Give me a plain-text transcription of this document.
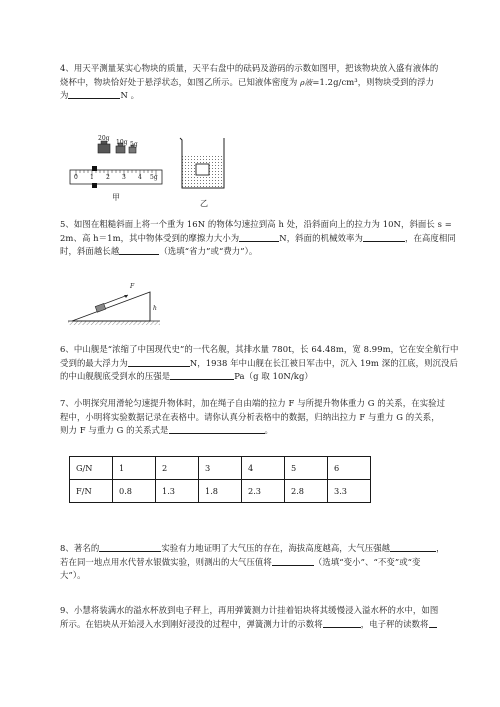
4、用天平测量某实心物块的质量，天平右盘中的砝码及游码的示数如图甲，把该物块放入盛有液体的
烧杯中，物块恰好处于悬浮状态，如图乙所示。已知液体密度为 ρ液=1.2g/cm³，则物块受到的浮力
为	N 。
20g
10g 5g
0 1 2 3 4 5g
甲
乙
5、如图在粗糙斜面上将一个重为 16N 的物体匀速拉到高 h 处，沿斜面向上的拉力为 10N，斜面长 s =
2m、高 h＝1m，其中物体受到的摩擦力大小为	N，斜面的机械效率为	，在高度相同
时，斜面越长越	（选填“省力”或“费力”）。
F
h
6、中山舰是“浓缩了中国现代史”的一代名舰，其排水量 780t，长 64.48m，宽 8.99m，它在安全航行中
受到的最大浮力为	N，1938 年中山舰在长江被日军击中，沉入 19m 深的江底，则沉没后
的中山舰舰底受到水的压强是	Pa（g 取 10N/kg）
7、小明探究用滑轮匀速提升物体时，加在绳子自由端的拉力 F 与所提升物体重力 G 的关系，在实验过
程中，小明将实验数据记录在表格中。请你认真分析表格中的数据，归纳出拉力 F 与重力 G 的关系，
则力 F 与重力 G 的关系式是	。
G/N	1	2	3	4	5	6
F/N	0.8	1.3	1.8	2.3	2.8	3.3
8、著名的	实验有力地证明了大气压的存在，海拔高度越高，大气压强越	，
若在同一地点用水代替水银做实验，则测出的大气压值将	（选填“变小”、“不变”或“变
大”）。
9、小慧将装满水的溢水杯放到电子秤上，再用弹簧测力计挂着铝块将其缓慢浸入溢水杯的水中，如图
所示。在铝块从开始浸入水到刚好浸没的过程中，弹簧测力计的示数将	，电子秤的读数将
